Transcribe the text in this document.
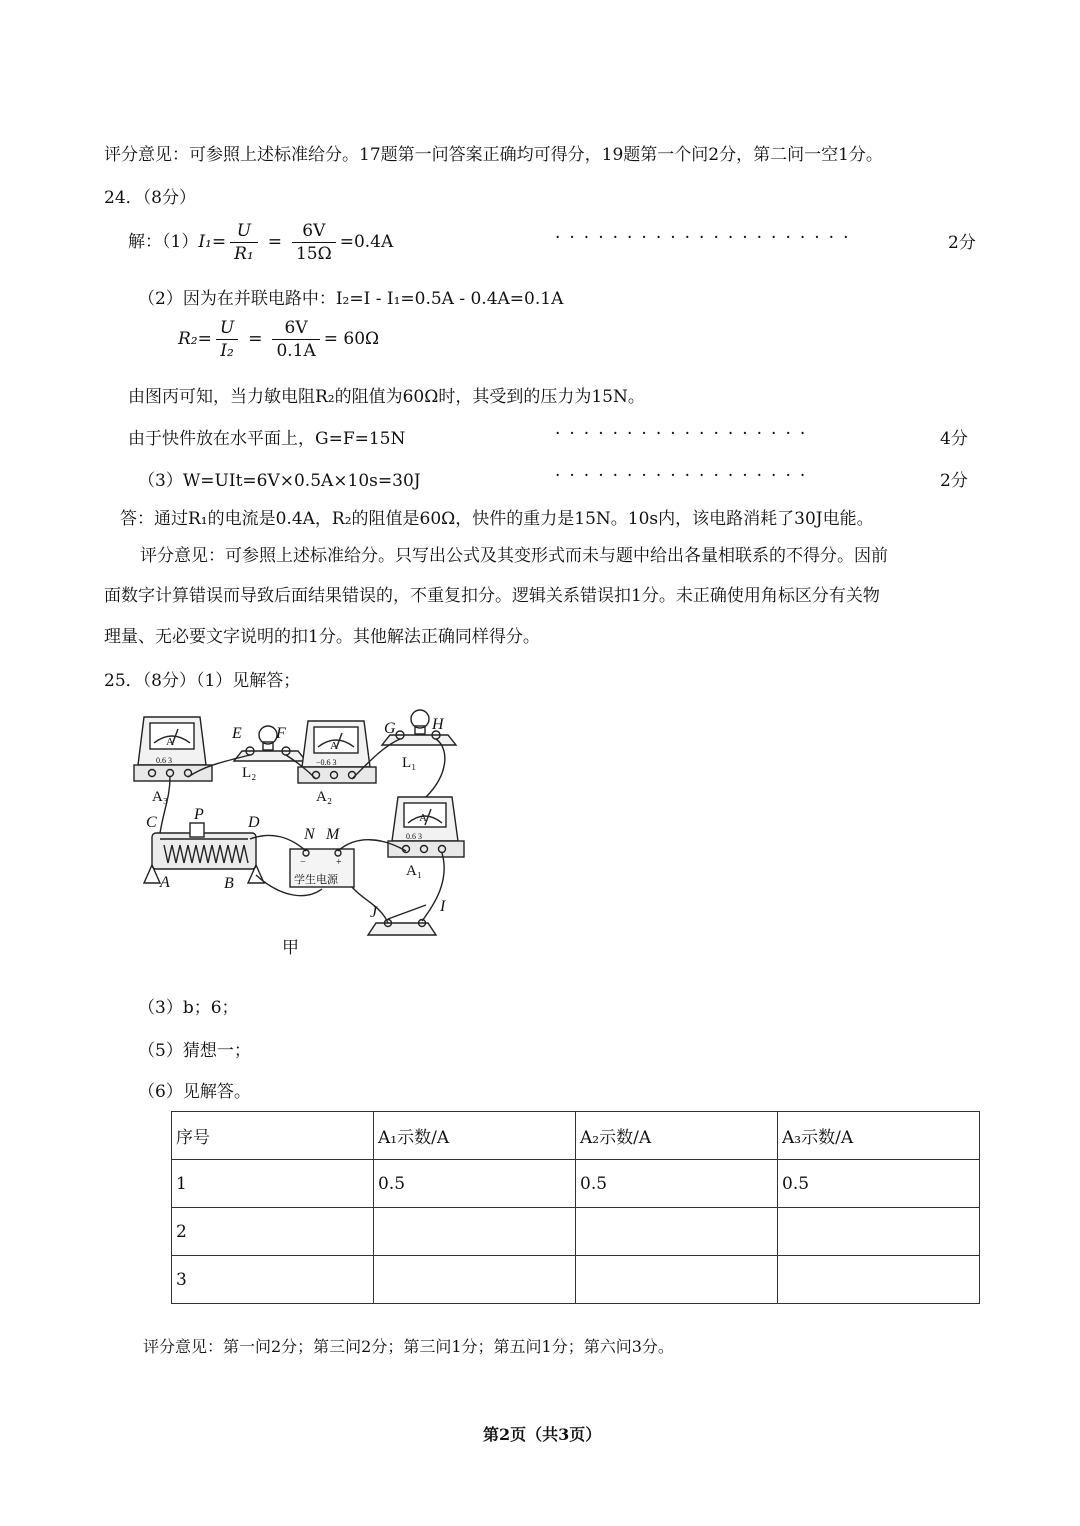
评分意见：可参照上述标准给分。17题第一问答案正确均可得分，19题第一个问2分，第二问一空1分。
24．（8分）
解：$(1)I_1= \frac{U}{\text{R₁}} = \frac{6V}{15\Omega} =0.4A$	·····················	2分
（2）因为在并联电路中：I₂=I - I₁=0.5A - 0.4A=0.1A
$R_2= \frac{U}{\text{I₂}} = \frac{6V}{0.1A} = 60\Omega$
由图丙可知，当力敏电阻R₂的阻值为60Ω时，其受到的压力为15N。
由于快件放在水平面上，G=F=15N	··················	4分
（3）W=UIt=6V×0.5A×10s=30J	··················	2分
答：通过R₁的电流是0.4A，R₂的阻值是60Ω，快件的重力是15N。10s内，该电路消耗了30J电能。
评分意见：可参照上述标准给分。只写出公式及其变形式而未与题中给出各量相联系的不得分。因前
面数字计算错误而导致后面结果错误的，不重复扣分。逻辑关系错误扣1分。未正确使用角标区分有关物
理量、无必要文字说明的扣1分。其他解法正确同样得分。
25．（8分）（1）见解答；
E F	G H
C P	D
N M
A	B
J	I
L₂
L₁
A₃	A₂
A₁
A	A
A
0.6 3	−0.6 3
0.6 3
−	+
学生电源
甲
（3）b；6；
（5）猜想一；
（6）见解答。
序号	A₁示数/A	A₂示数/A	A₃示数/A
1	0.5	0.5	0.5
2			
3			
评分意见：第一问2分；第三问2分；第三问1分；第五问1分；第六问3分。
第2页（共3页）
